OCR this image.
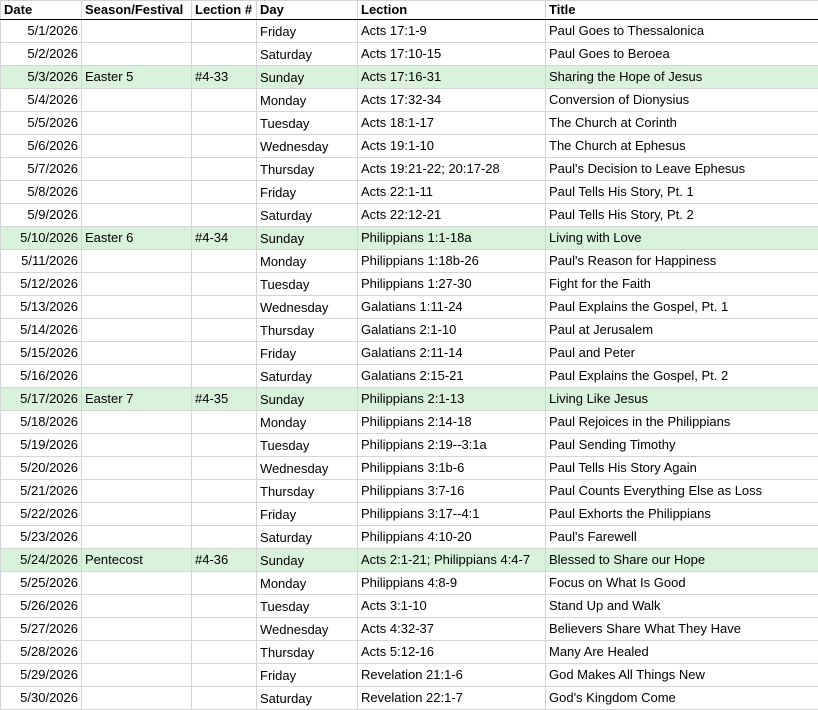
Date	Season/Festival	Lection #	Day	Lection	Title
5/1/2026			Friday	Acts 17:1-9	Paul Goes to Thessalonica
5/2/2026			Saturday	Acts 17:10-15	Paul Goes to Beroea
5/3/2026	Easter 5	#4-33	Sunday	Acts 17:16-31	Sharing the Hope of Jesus
5/4/2026			Monday	Acts 17:32-34	Conversion of Dionysius
5/5/2026			Tuesday	Acts 18:1-17	The Church at Corinth
5/6/2026			Wednesday	Acts 19:1-10	The Church at Ephesus
5/7/2026			Thursday	Acts 19:21-22; 20:17-28	Paul's Decision to Leave Ephesus
5/8/2026			Friday	Acts 22:1-11	Paul Tells His Story, Pt. 1
5/9/2026			Saturday	Acts 22:12-21	Paul Tells His Story, Pt. 2
5/10/2026	Easter 6	#4-34	Sunday	Philippians 1:1-18a	Living with Love
5/11/2026			Monday	Philippians 1:18b-26	Paul's Reason for Happiness
5/12/2026			Tuesday	Philippians 1:27-30	Fight for the Faith
5/13/2026			Wednesday	Galatians 1:11-24	Paul Explains the Gospel, Pt. 1
5/14/2026			Thursday	Galatians 2:1-10	Paul at Jerusalem
5/15/2026			Friday	Galatians 2:11-14	Paul and Peter
5/16/2026			Saturday	Galatians 2:15-21	Paul Explains the Gospel, Pt. 2
5/17/2026	Easter 7	#4-35	Sunday	Philippians 2:1-13	Living Like Jesus
5/18/2026			Monday	Philippians 2:14-18	Paul Rejoices in the Philippians
5/19/2026			Tuesday	Philippians 2:19--3:1a	Paul Sending Timothy
5/20/2026			Wednesday	Philippians 3:1b-6	Paul Tells His Story Again
5/21/2026			Thursday	Philippians 3:7-16	Paul Counts Everything Else as Loss
5/22/2026			Friday	Philippians 3:17--4:1	Paul Exhorts the Philippians
5/23/2026			Saturday	Philippians 4:10-20	Paul's Farewell
5/24/2026	Pentecost	#4-36	Sunday	Acts 2:1-21; Philippians 4:4-7	Blessed to Share our Hope
5/25/2026			Monday	Philippians 4:8-9	Focus on What Is Good
5/26/2026			Tuesday	Acts 3:1-10	Stand Up and Walk
5/27/2026			Wednesday	Acts 4:32-37	Believers Share What They Have
5/28/2026			Thursday	Acts 5:12-16	Many Are Healed
5/29/2026			Friday	Revelation 21:1-6	God Makes All Things New
5/30/2026			Saturday	Revelation 22:1-7	God's Kingdom Come
